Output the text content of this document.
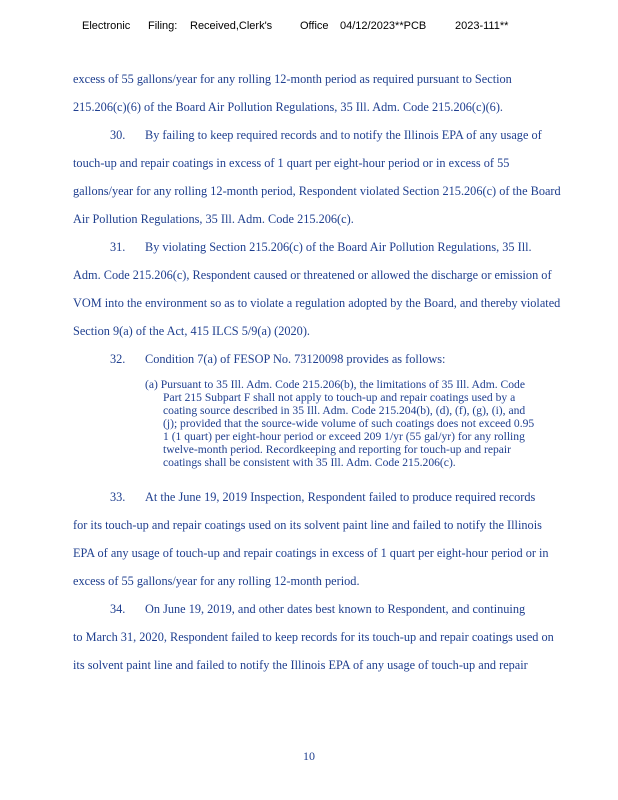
Electronic Filing: Received,Clerk's	Office 04/12/2023**PCB	2023-111**
excess of 55 gallons/year for any rolling 12-month period as required pursuant to Section
215.206(c)(6) of the Board Air Pollution Regulations, 35 Ill. Adm. Code 215.206(c)(6).
30. By failing to keep required records and to notify the Illinois EPA of any usage of
touch-up and repair coatings in excess of 1 quart per eight-hour period or in excess of 55
gallons/year for any rolling 12-month period, Respondent violated Section 215.206(c) of the Board
Air Pollution Regulations, 35 Ill. Adm. Code 215.206(c).
31. By violating Section 215.206(c) of the Board Air Pollution Regulations, 35 Ill.
Adm. Code 215.206(c), Respondent caused or threatened or allowed the discharge or emission of
VOM into the environment so as to violate a regulation adopted by the Board, and thereby violated
Section 9(a) of the Act, 415 ILCS 5/9(a) (2020).
32. Condition 7(a) of FESOP No. 73120098 provides as follows:
(a) Pursuant to 35 Ill. Adm. Code 215.206(b), the limitations of 35 Ill. Adm. Code
Part 215 Subpart F shall not apply to touch-up and repair coatings used by a
coating source described in 35 Ill. Adm. Code 215.204(b), (d), (f), (g), (i), and
(j); provided that the source-wide volume of such coatings does not exceed 0.95
1 (1 quart) per eight-hour period or exceed 209 1/yr (55 gal/yr) for any rolling
twelve-month period. Recordkeeping and reporting for touch-up and repair
coatings shall be consistent with 35 Ill. Adm. Code 215.206(c).
33. At the June 19, 2019 Inspection, Respondent failed to produce required records
for its touch-up and repair coatings used on its solvent paint line and failed to notify the Illinois
EPA of any usage of touch-up and repair coatings in excess of 1 quart per eight-hour period or in
excess of 55 gallons/year for any rolling 12-month period.
34. On June 19, 2019, and other dates best known to Respondent, and continuing
to March 31, 2020, Respondent failed to keep records for its touch-up and repair coatings used on
its solvent paint line and failed to notify the Illinois EPA of any usage of touch-up and repair
10
